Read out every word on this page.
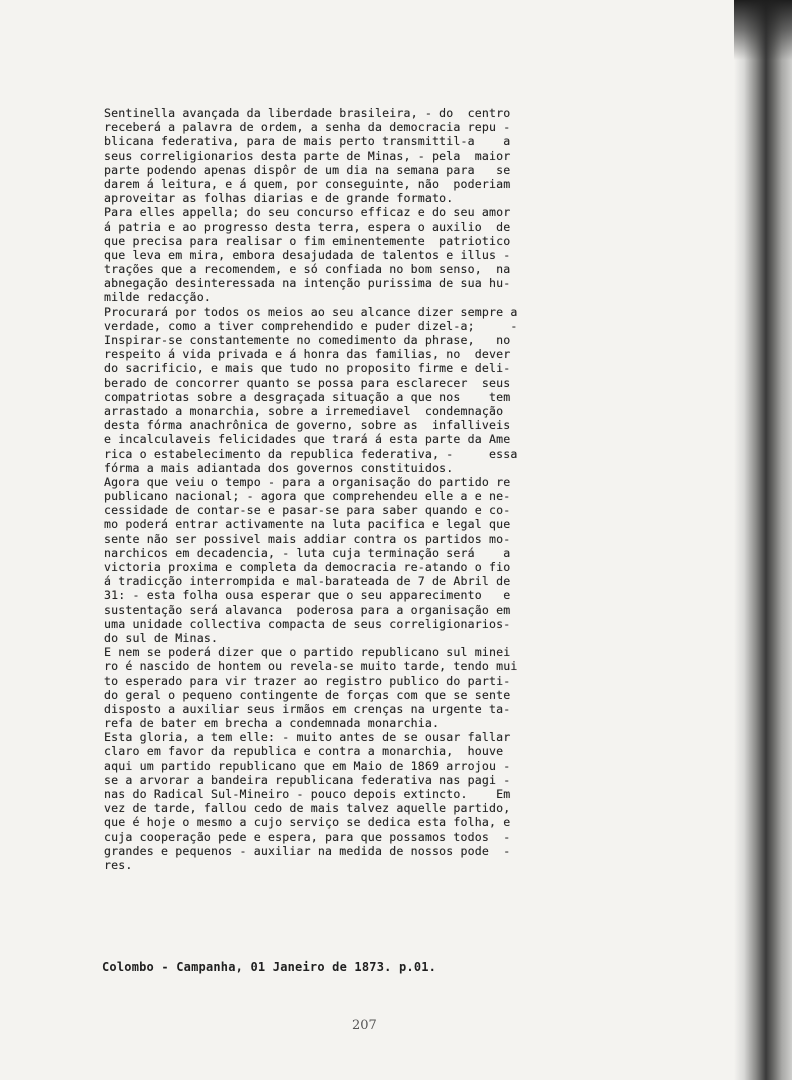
Sentinella avançada da liberdade brasileira, - do  centro
receberá a palavra de ordem, a senha da democracia repu -
blicana federativa, para de mais perto transmittil-a    a
seus correligionarios desta parte de Minas, - pela  maior
parte podendo apenas dispôr de um dia na semana para   se
darem á leitura, e á quem, por conseguinte, não  poderiam
aproveitar as folhas diarias e de grande formato.
Para elles appella; do seu concurso efficaz e do seu amor
á patria e ao progresso desta terra, espera o auxilio  de
que precisa para realisar o fim eminentemente  patriotico
que leva em mira, embora desajudada de talentos e illus -
trações que a recomendem, e só confiada no bom senso,  na
abnegação desinteressada na intenção purissima de sua hu-
milde redacção.
Procurará por todos os meios ao seu alcance dizer sempre a
verdade, como a tiver comprehendido e puder dizel-a;     -
Inspirar-se constantemente no comedimento da phrase,   no
respeito á vida privada e á honra das familias, no  dever
do sacrificio, e mais que tudo no proposito firme e deli-
berado de concorrer quanto se possa para esclarecer  seus
compatriotas sobre a desgraçada situação a que nos    tem
arrastado a monarchia, sobre a irremediavel  condemnação
desta fórma anachrônica de governo, sobre as  infalliveis
e incalculaveis felicidades que trará á esta parte da Ame
rica o estabelecimento da republica federativa, -     essa
fórma a mais adiantada dos governos constituidos.
Agora que veiu o tempo - para a organisação do partido re
publicano nacional; - agora que comprehendeu elle a e ne-
cessidade de contar-se e pasar-se para saber quando e co-
mo poderá entrar activamente na luta pacifica e legal que
sente não ser possivel mais addiar contra os partidos mo-
narchicos em decadencia, - luta cuja terminação será    a
victoria proxima e completa da democracia re-atando o fio
á tradicção interrompida e mal-barateada de 7 de Abril de
31: - esta folha ousa esperar que o seu apparecimento   e
sustentação será alavanca  poderosa para a organisação em
uma unidade collectiva compacta de seus correligionarios-
do sul de Minas.
E nem se poderá dizer que o partido republicano sul minei
ro é nascido de hontem ou revela-se muito tarde, tendo mui
to esperado para vir trazer ao registro publico do parti-
do geral o pequeno contingente de forças com que se sente
disposto a auxiliar seus irmãos em crenças na urgente ta-
refa de bater em brecha a condemnada monarchia.
Esta gloria, a tem elle: - muito antes de se ousar fallar
claro em favor da republica e contra a monarchia,  houve
aqui um partido republicano que em Maio de 1869 arrojou -
se a arvorar a bandeira republicana federativa nas pagi -
nas do Radical Sul-Mineiro - pouco depois extincto.    Em
vez de tarde, fallou cedo de mais talvez aquelle partido,
que é hoje o mesmo a cujo serviço se dedica esta folha, e
cuja cooperação pede e espera, para que possamos todos  -
grandes e pequenos - auxiliar na medida de nossos pode  -
res.
Colombo - Campanha, 01 Janeiro de 1873. p.01.
207
